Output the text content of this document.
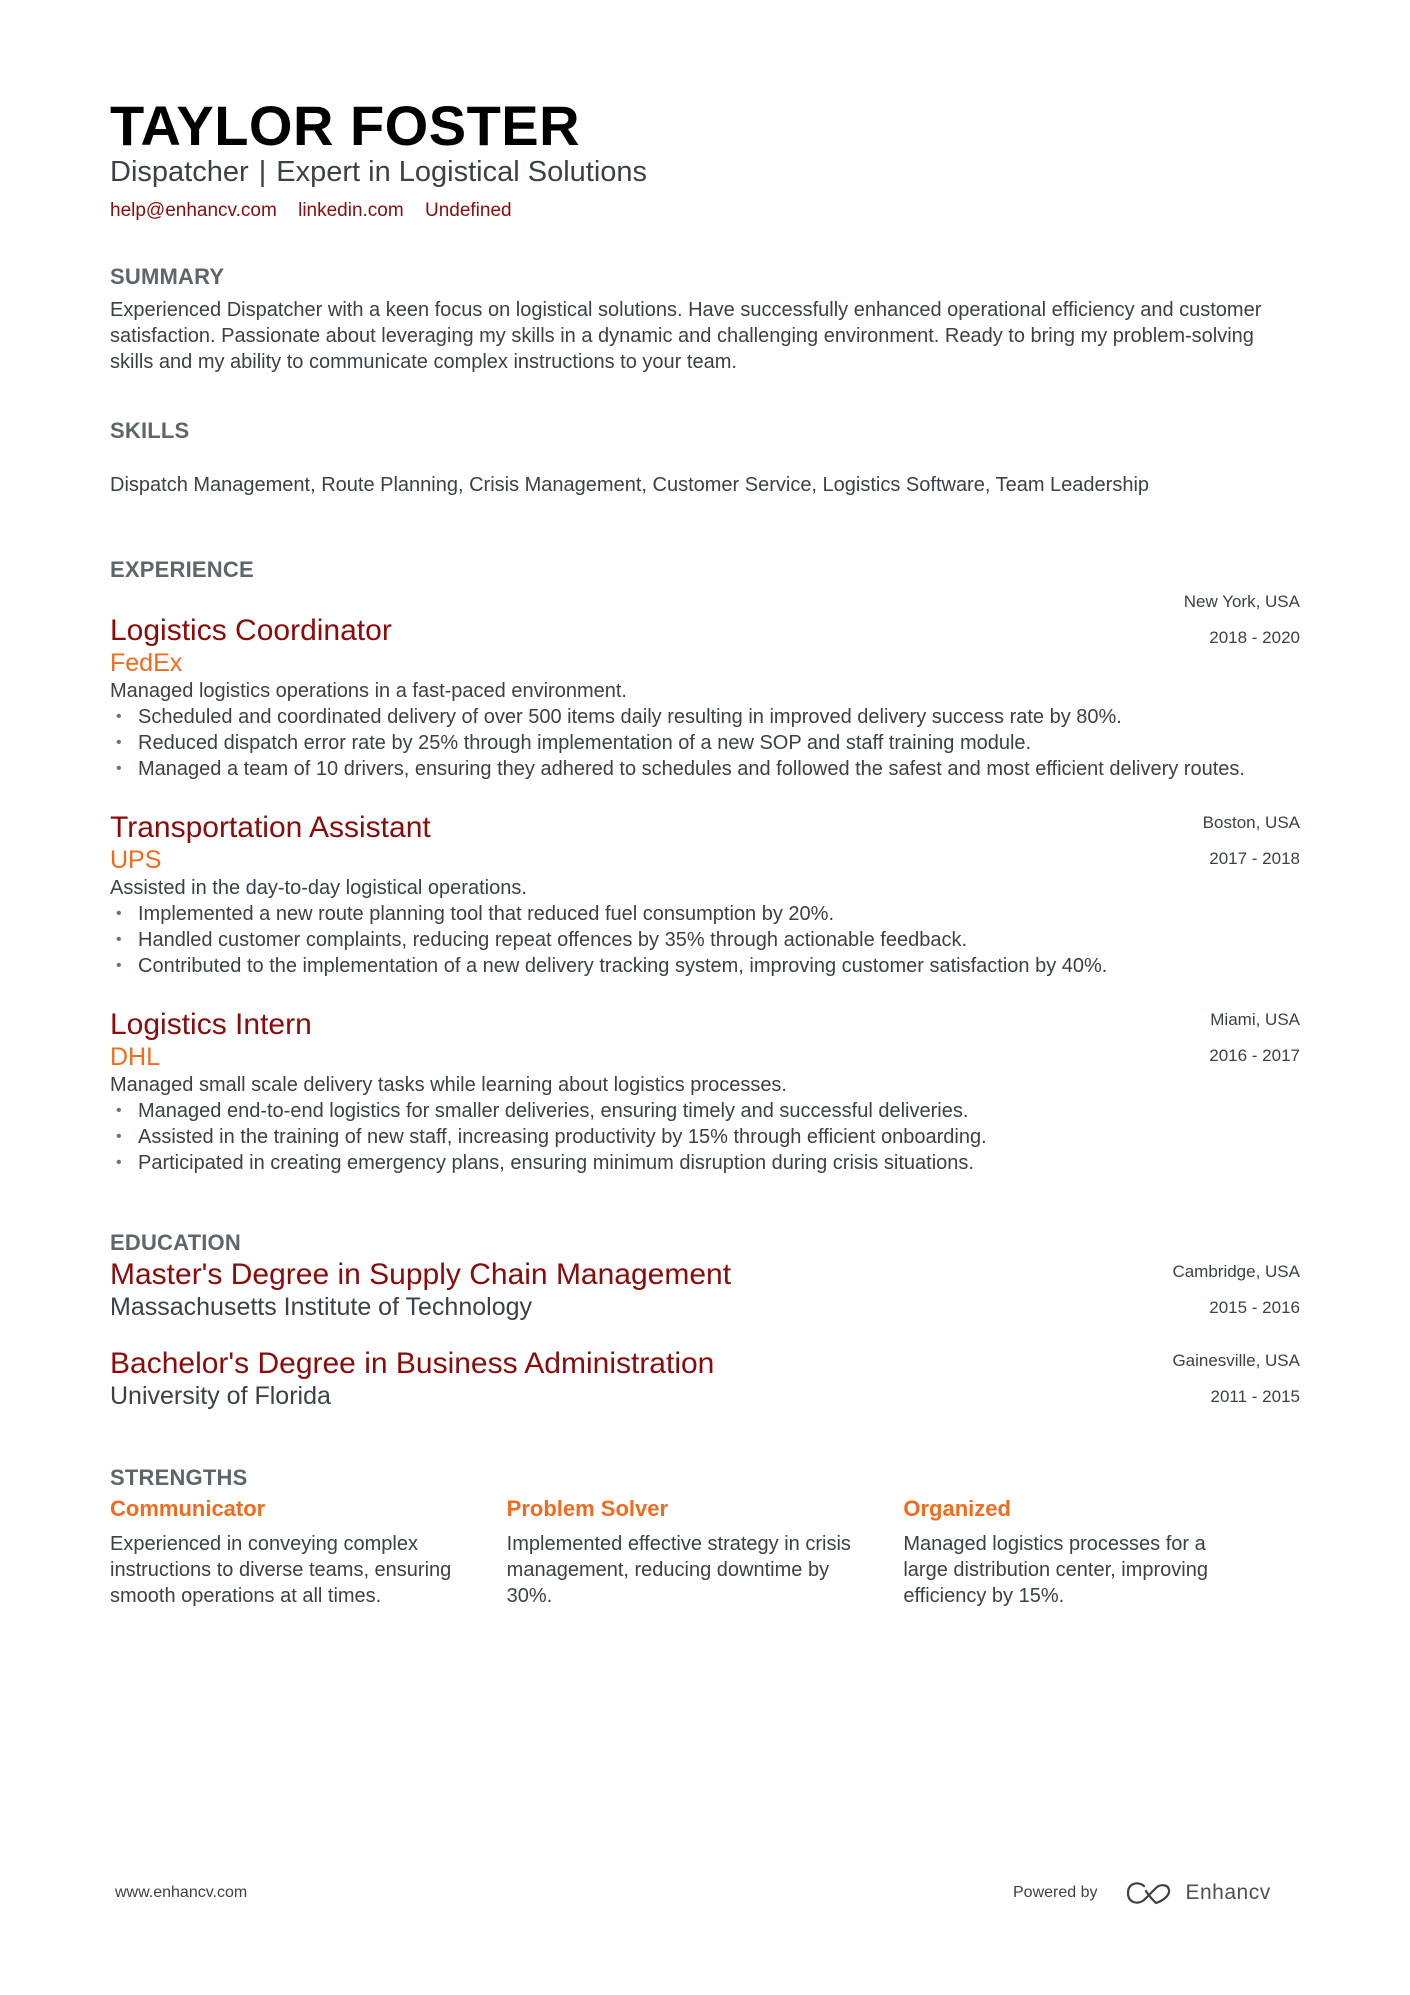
TAYLOR FOSTER
Dispatcher | Expert in Logistical Solutions
help@enhancv.com linkedin.com Undefined
SUMMARY
Experienced Dispatcher with a keen focus on logistical solutions. Have successfully enhanced operational efficiency and customer satisfaction. Passionate about leveraging my skills in a dynamic and challenging environment. Ready to bring my problem-solving skills and my ability to communicate complex instructions to your team.
SKILLS
Dispatch Management, Route Planning, Crisis Management, Customer Service, Logistics Software, Team Leadership
EXPERIENCE
Logistics Coordinator
FedEx
Managed logistics operations in a fast-paced environment.
• Scheduled and coordinated delivery of over 500 items daily resulting in improved delivery success rate by 80%.
• Reduced dispatch error rate by 25% through implementation of a new SOP and staff training module.
• Managed a team of 10 drivers, ensuring they adhered to schedules and followed the safest and most efficient delivery routes.
New York, USA
2018 - 2020
Transportation Assistant
UPS
Assisted in the day-to-day logistical operations.
• Implemented a new route planning tool that reduced fuel consumption by 20%.
• Handled customer complaints, reducing repeat offences by 35% through actionable feedback.
• Contributed to the implementation of a new delivery tracking system, improving customer satisfaction by 40%.
Boston, USA
2017 - 2018
Logistics Intern
DHL
Managed small scale delivery tasks while learning about logistics processes.
• Managed end-to-end logistics for smaller deliveries, ensuring timely and successful deliveries.
• Assisted in the training of new staff, increasing productivity by 15% through efficient onboarding.
• Participated in creating emergency plans, ensuring minimum disruption during crisis situations.
Miami, USA
2016 - 2017
EDUCATION
Master's Degree in Supply Chain Management
Massachusetts Institute of Technology
Cambridge, USA
2015 - 2016
Bachelor's Degree in Business Administration
University of Florida
Gainesville, USA
2011 - 2015
STRENGTHS
Communicator
Experienced in conveying complex instructions to diverse teams, ensuring smooth operations at all times.
Problem Solver
Implemented effective strategy in crisis management, reducing downtime by 30%.
Organized
Managed logistics processes for a large distribution center, improving efficiency by 15%.
www.enhancv.com	Powered by	Enhancv
